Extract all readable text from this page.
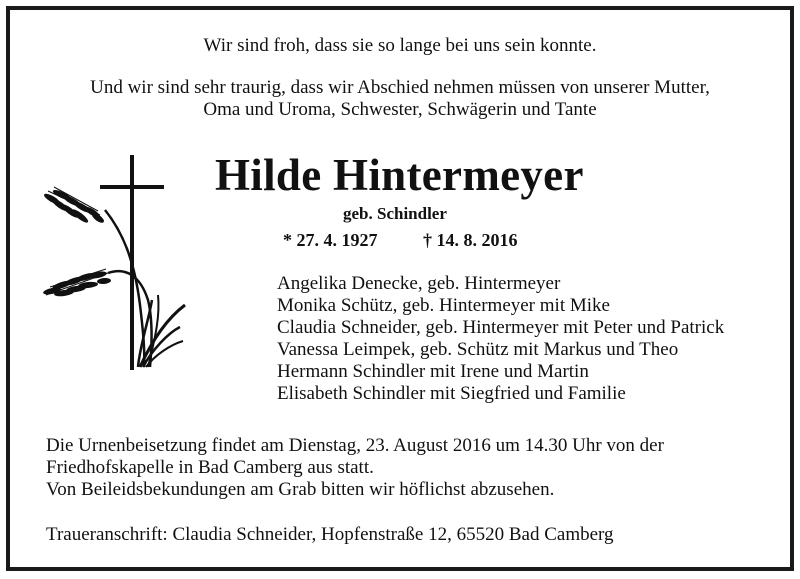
Wir sind froh, dass sie so lange bei uns sein konnte.
Und wir sind sehr traurig, dass wir Abschied nehmen müssen von unserer Mutter,
Oma und Uroma, Schwester, Schwägerin und Tante
Hilde Hintermeyer
geb. Schindler
* 27. 4. 1927	† 14. 8. 2016
Angelika Denecke, geb. Hintermeyer
Monika Schütz, geb. Hintermeyer mit Mike
Claudia Schneider, geb. Hintermeyer mit Peter und Patrick
Vanessa Leimpek, geb. Schütz mit Markus und Theo
Hermann Schindler mit Irene und Martin
Elisabeth Schindler mit Siegfried und Familie
Die Urnenbeisetzung findet am Dienstag, 23. August 2016 um 14.30 Uhr von der
Friedhofskapelle in Bad Camberg aus statt.
Von Beileidsbekundungen am Grab bitten wir höflichst abzusehen.
Traueranschrift: Claudia Schneider, Hopfenstraße 12, 65520 Bad Camberg
